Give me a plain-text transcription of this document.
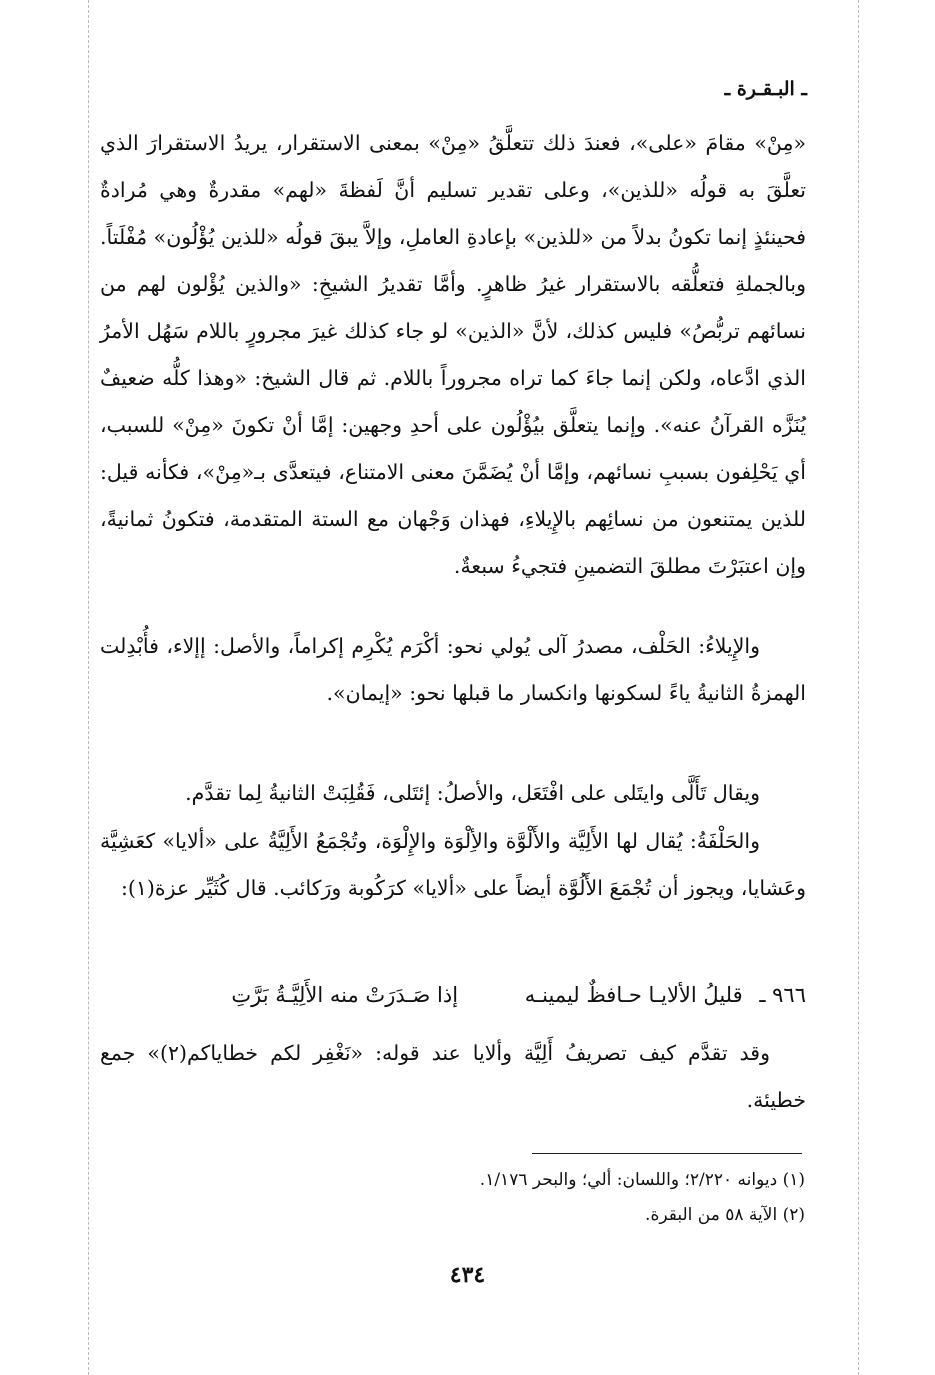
ـ البـقـرة ـ

«مِنْ» مقامَ «على»، فعندَ ذلك تتعلَّقُ «مِنْ» بمعنى الاستقرار، يريدُ الاستقرارَ الذي تعلَّقَ به قولُه «للذين»، وعلى تقدير تسليم أنَّ لَفظةَ «لهم» مقدرةٌ وهي مُرادةٌ فحينئذٍ إنما تكونُ بدلاً من «للذين» بإعادةِ العاملِ، وإلاَّ يبقَ قولُه «للذين يُؤْلُون» مُفْلَتاً. وبالجملةِ فتعلُّقه بالاستقرار غيرُ ظاهرٍ. وأمَّا تقديرُ الشيخِ: «والذين يُؤْلون لهم من نسائهم تربُّصُ» فليس كذلك، لأنَّ «الذين» لو جاء كذلك غيرَ مجرورٍ باللام سَهُل الأمرُ الذي ادَّعاه، ولكن إنما جاءَ كما تراه مجروراً باللام. ثم قال الشيخ: «وهذا كلُّه ضعيفٌ يُنَزَّه القرآنُ عنه». وإنما يتعلَّق بيُؤْلُون على أحدِ وجهين: إمَّا أنْ تكونَ «مِنْ» للسبب، أي يَحْلِفون بسببِ نسائهم، وإمَّا أنْ يُضَمَّنَ معنى الامتناع، فيتعدَّى بـ«مِنْ»، فكأنه قيل: للذين يمتنعون من نسائِهم بالإِيلاءِ، فهذان وَجْهان مع الستة المتقدمة، فتكونُ ثمانيةً، وإن اعتبَرْتَ مطلقَ التضمينِ فتجيءُ سبعةٌ.

والإِيلاءُ: الحَلْف، مصدرُ آلى يُولي نحو: أكْرَم يُكْرِم إكراماً، والأصل: إإلاء، فأُبْدِلت الهمزةُ الثانيةُ ياءً لسكونها وانكسار ما قبلها نحو: «إيمان».

ويقال تَأَلَّى وايتَلى على افْتَعَل، والأصلُ: إئتَلى، فَقُلِبَتْ الثانيةُ لِما تقدَّم.

والحَلْفَةُ: يُقال لها الأَلِيَّة والأَلْوَّة والأِلْوَة والإِلْوَة، وتُجْمَعُ الأَلِيَّةُ على «ألايا» كعَشِيَّة وعَشايا، ويجوز أن تُجْمَعَ الأَلُوَّة أيضاً على «ألايا» كرَكُوبة ورَكائب. قال كُثَيِّر عزة(١):

٩٦٦ ـ قليلُ الألايـا حـافظٌ ليمينـه إذا صَـدَرَتْ منه الأَلِيَّـةُ بَرَّتِ

وقد تقدَّم كيف تصريفُ أَلِيَّة وألايا عند قوله: «نَغْفِر لكم خطاياكم(٢)» جمع خطيئة.

(١) ديوانه ٢/٢٢٠؛ واللسان: ألي؛ والبحر ١/١٧٦.
(٢) الآية ٥٨ من البقرة.
٤٣٤
